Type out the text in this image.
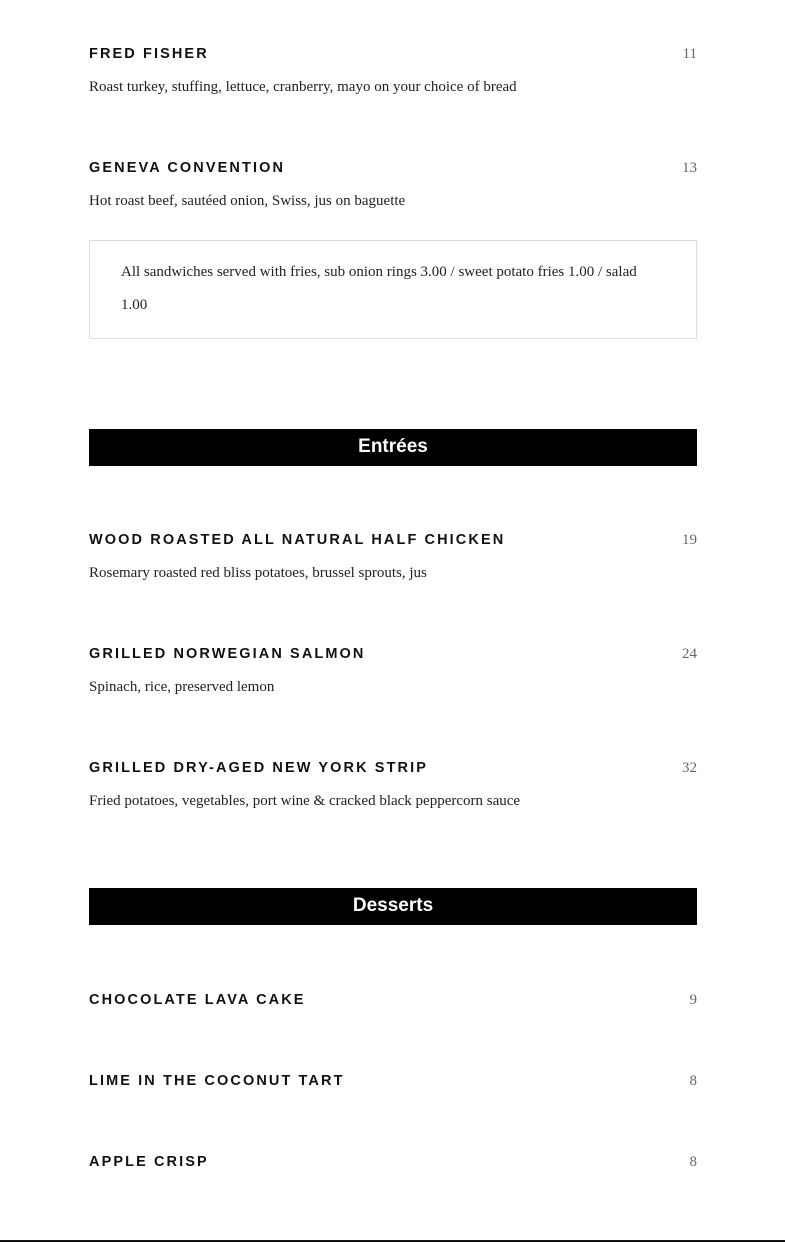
FRED FISHER	11
Roast turkey, stuffing, lettuce, cranberry, mayo on your choice of bread
GENEVA CONVENTION	13
Hot roast beef, sautéed onion, Swiss, jus on baguette
All sandwiches served with fries, sub onion rings 3.00 / sweet potato fries 1.00 / salad 1.00
Entrées
WOOD ROASTED ALL NATURAL HALF CHICKEN	19
Rosemary roasted red bliss potatoes, brussel sprouts, jus
GRILLED NORWEGIAN SALMON	24
Spinach, rice, preserved lemon
GRILLED DRY-AGED NEW YORK STRIP	32
Fried potatoes, vegetables, port wine & cracked black peppercorn sauce
Desserts
CHOCOLATE LAVA CAKE	9
LIME IN THE COCONUT TART	8
APPLE CRISP	8
